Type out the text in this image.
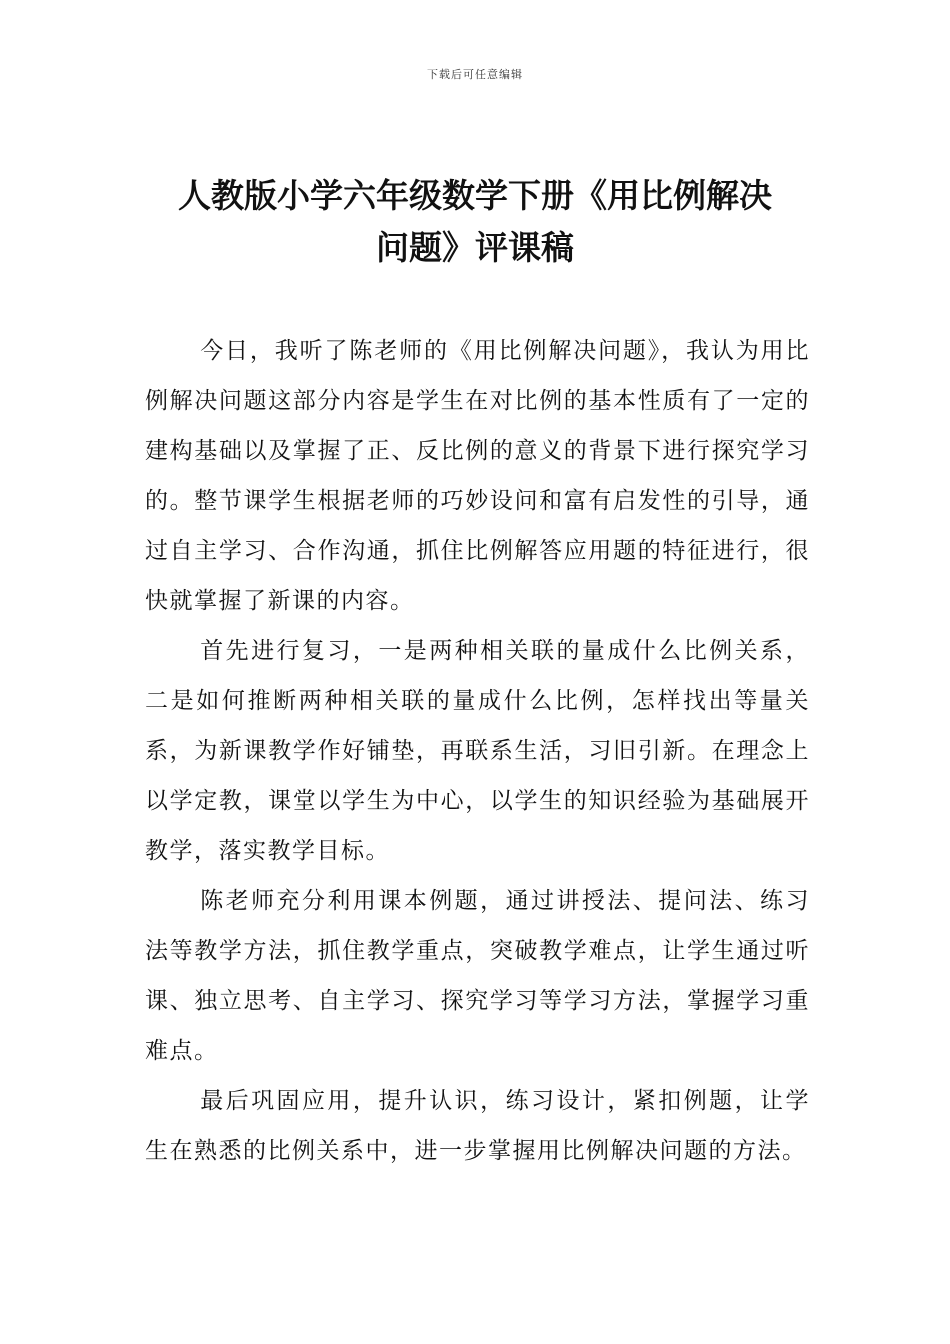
下载后可任意编辑
人教版小学六年级数学下册《用比例解决
问题》评课稿

今日，我听了陈老师的《用比例解决问题》，我认为用比例解决问题这部分内容是学生在对比例的基本性质有了一定的建构基础以及掌握了正、反比例的意义的背景下进行探究学习的。整节课学生根据老师的巧妙设问和富有启发性的引导，通过自主学习、合作沟通，抓住比例解答应用题的特征进行，很快就掌握了新课的内容。

首先进行复习，一是两种相关联的量成什么比例关系，二是如何推断两种相关联的量成什么比例，怎样找出等量关系，为新课教学作好铺垫，再联系生活，习旧引新。在理念上以学定教，课堂以学生为中心，以学生的知识经验为基础展开教学，落实教学目标。

陈老师充分利用课本例题，通过讲授法、提问法、练习法等教学方法，抓住教学重点，突破教学难点，让学生通过听课、独立思考、自主学习、探究学习等学习方法，掌握学习重难点。

最后巩固应用，提升认识，练习设计，紧扣例题，让学生在熟悉的比例关系中，进一步掌握用比例解决问题的方法。
